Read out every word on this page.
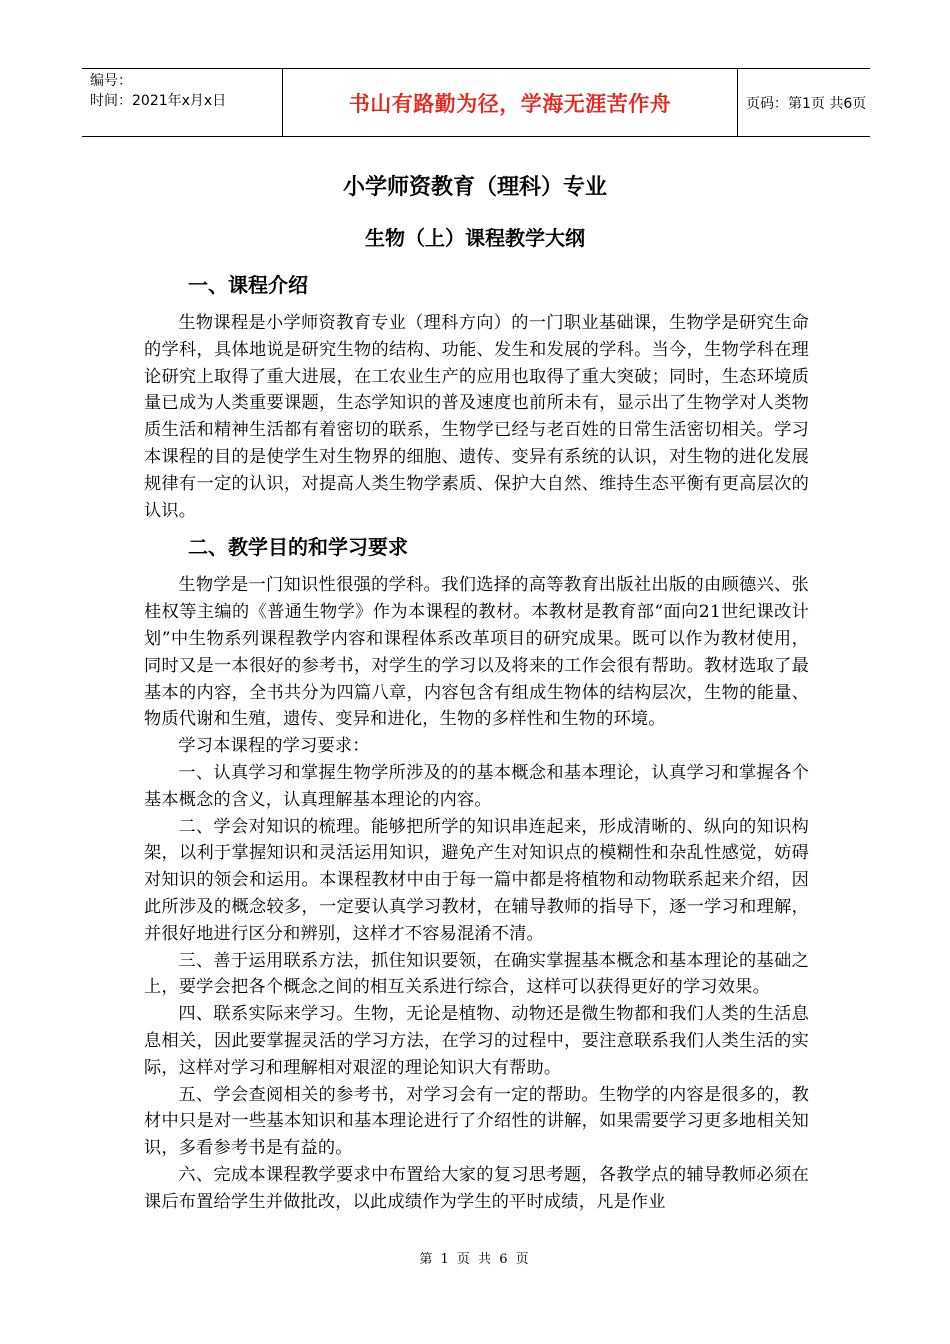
编号：
时间：2021年x月x日	书山有路勤为径，学海无涯苦作舟	页码：第1页 共6页
小学师资教育（理科）专业
生物（上）课程教学大纲
一、课程介绍

生物课程是小学师资教育专业（理科方向）的一门职业基础课，生物学是研究生命的学科，具体地说是研究生物的结构、功能、发生和发展的学科。当今，生物学科在理论研究上取得了重大进展，在工农业生产的应用也取得了重大突破；同时，生态环境质量已成为人类重要课题，生态学知识的普及速度也前所未有，显示出了生物学对人类物质生活和精神生活都有着密切的联系，生物学已经与老百姓的日常生活密切相关。学习本课程的目的是使学生对生物界的细胞、遗传、变异有系统的认识，对生物的进化发展规律有一定的认识，对提高人类生物学素质、保护大自然、维持生态平衡有更高层次的认识。

二、教学目的和学习要求

生物学是一门知识性很强的学科。我们选择的高等教育出版社出版的由顾德兴、张桂权等主编的《普通生物学》作为本课程的教材。本教材是教育部“面向21世纪课改计划”中生物系列课程教学内容和课程体系改革项目的研究成果。既可以作为教材使用，同时又是一本很好的参考书，对学生的学习以及将来的工作会很有帮助。教材选取了最基本的内容，全书共分为四篇八章，内容包含有组成生物体的结构层次，生物的能量、物质代谢和生殖，遗传、变异和进化，生物的多样性和生物的环境。

学习本课程的学习要求：

一、认真学习和掌握生物学所涉及的的基本概念和基本理论，认真学习和掌握各个基本概念的含义，认真理解基本理论的内容。

二、学会对知识的梳理。能够把所学的知识串连起来，形成清晰的、纵向的知识构架，以利于掌握知识和灵活运用知识，避免产生对知识点的模糊性和杂乱性感觉，妨碍对知识的领会和运用。本课程教材中由于每一篇中都是将植物和动物联系起来介绍，因此所涉及的概念较多，一定要认真学习教材，在辅导教师的指导下，逐一学习和理解，并很好地进行区分和辨别，这样才不容易混淆不清。

三、善于运用联系方法，抓住知识要领，在确实掌握基本概念和基本理论的基础之上，要学会把各个概念之间的相互关系进行综合，这样可以获得更好的学习效果。

四、联系实际来学习。生物，无论是植物、动物还是微生物都和我们人类的生活息息相关，因此要掌握灵活的学习方法，在学习的过程中，要注意联系我们人类生活的实际，这样对学习和理解相对艰涩的理论知识大有帮助。

五、学会查阅相关的参考书，对学习会有一定的帮助。生物学的内容是很多的，教材中只是对一些基本知识和基本理论进行了介绍性的讲解，如果需要学习更多地相关知识，多看参考书是有益的。

六、完成本课程教学要求中布置给大家的复习思考题，各教学点的辅导教师必须在课后布置给学生并做批改，以此成绩作为学生的平时成绩，凡是作业

第 1 页 共 6 页
